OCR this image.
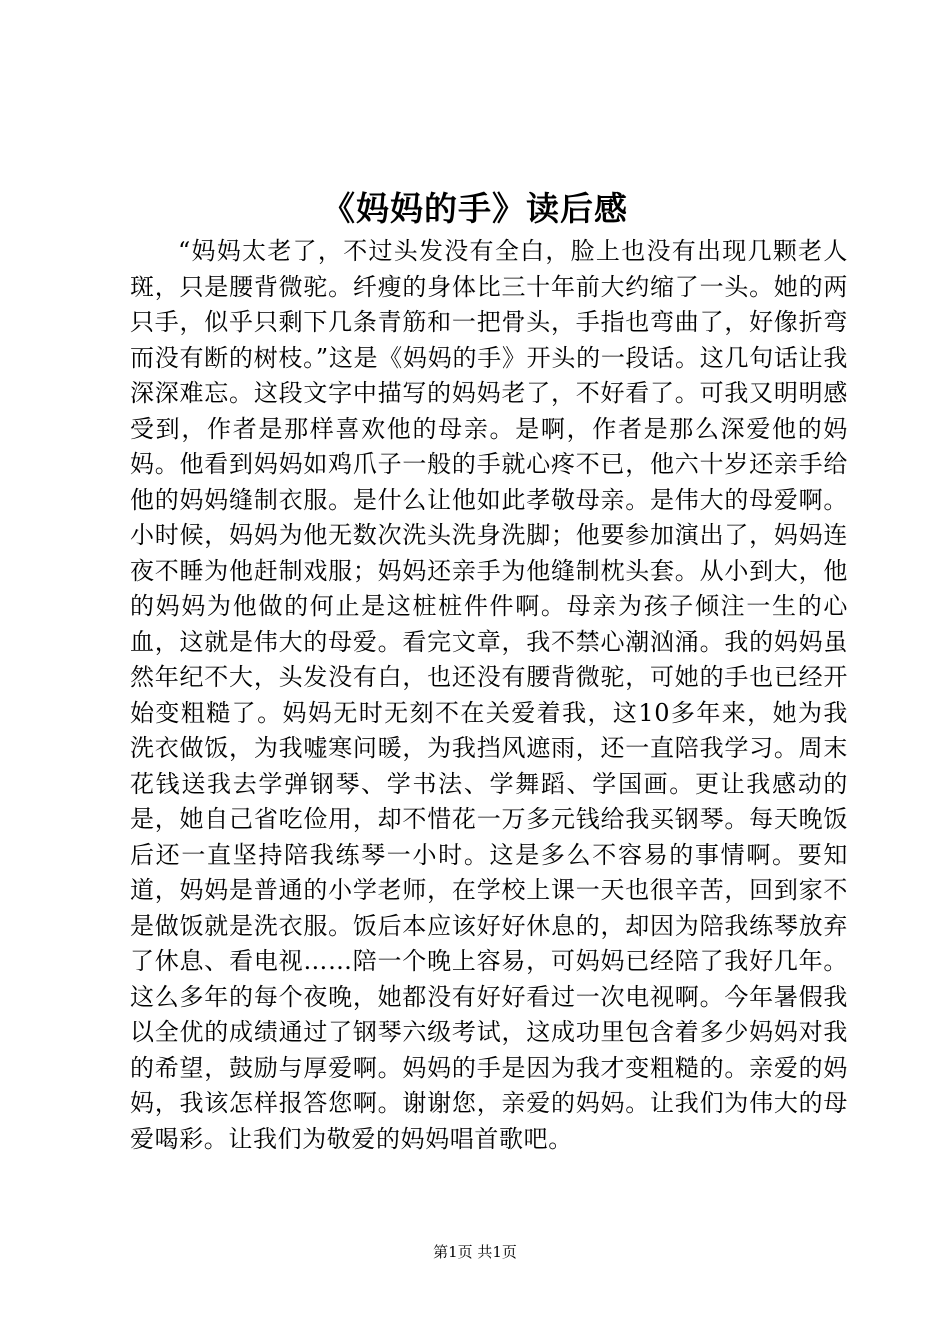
《妈妈的手》读后感

“妈妈太老了，不过头发没有全白，脸上也没有出现几颗老人斑，只是腰背微驼。纤瘦的身体比三十年前大约缩了一头。她的两只手，似乎只剩下几条青筋和一把骨头，手指也弯曲了，好像折弯而没有断的树枝。”这是《妈妈的手》开头的一段话。这几句话让我深深难忘。这段文字中描写的妈妈老了，不好看了。可我又明明感受到，作者是那样喜欢他的母亲。是啊，作者是那么深爱他的妈妈。他看到妈妈如鸡爪子一般的手就心疼不已，他六十岁还亲手给他的妈妈缝制衣服。是什么让他如此孝敬母亲。是伟大的母爱啊。小时候，妈妈为他无数次洗头洗身洗脚；他要参加演出了，妈妈连夜不睡为他赶制戏服；妈妈还亲手为他缝制枕头套。从小到大，他的妈妈为他做的何止是这桩桩件件啊。母亲为孩子倾注一生的心血，这就是伟大的母爱。看完文章，我不禁心潮汹涌。我的妈妈虽然年纪不大，头发没有白，也还没有腰背微驼，可她的手也已经开始变粗糙了。妈妈无时无刻不在关爱着我，这10多年来，她为我洗衣做饭，为我嘘寒问暖，为我挡风遮雨，还一直陪我学习。周末花钱送我去学弹钢琴、学书法、学舞蹈、学国画。更让我感动的是，她自己省吃俭用，却不惜花一万多元钱给我买钢琴。每天晚饭后还一直坚持陪我练琴一小时。这是多么不容易的事情啊。要知道，妈妈是普通的小学老师，在学校上课一天也很辛苦，回到家不是做饭就是洗衣服。饭后本应该好好休息的，却因为陪我练琴放弃了休息、看电视……陪一个晚上容易，可妈妈已经陪了我好几年。这么多年的每个夜晚，她都没有好好看过一次电视啊。今年暑假我以全优的成绩通过了钢琴六级考试，这成功里包含着多少妈妈对我的希望，鼓励与厚爱啊。妈妈的手是因为我才变粗糙的。亲爱的妈妈，我该怎样报答您啊。谢谢您，亲爱的妈妈。让我们为伟大的母爱喝彩。让我们为敬爱的妈妈唱首歌吧。

第1页 共1页
